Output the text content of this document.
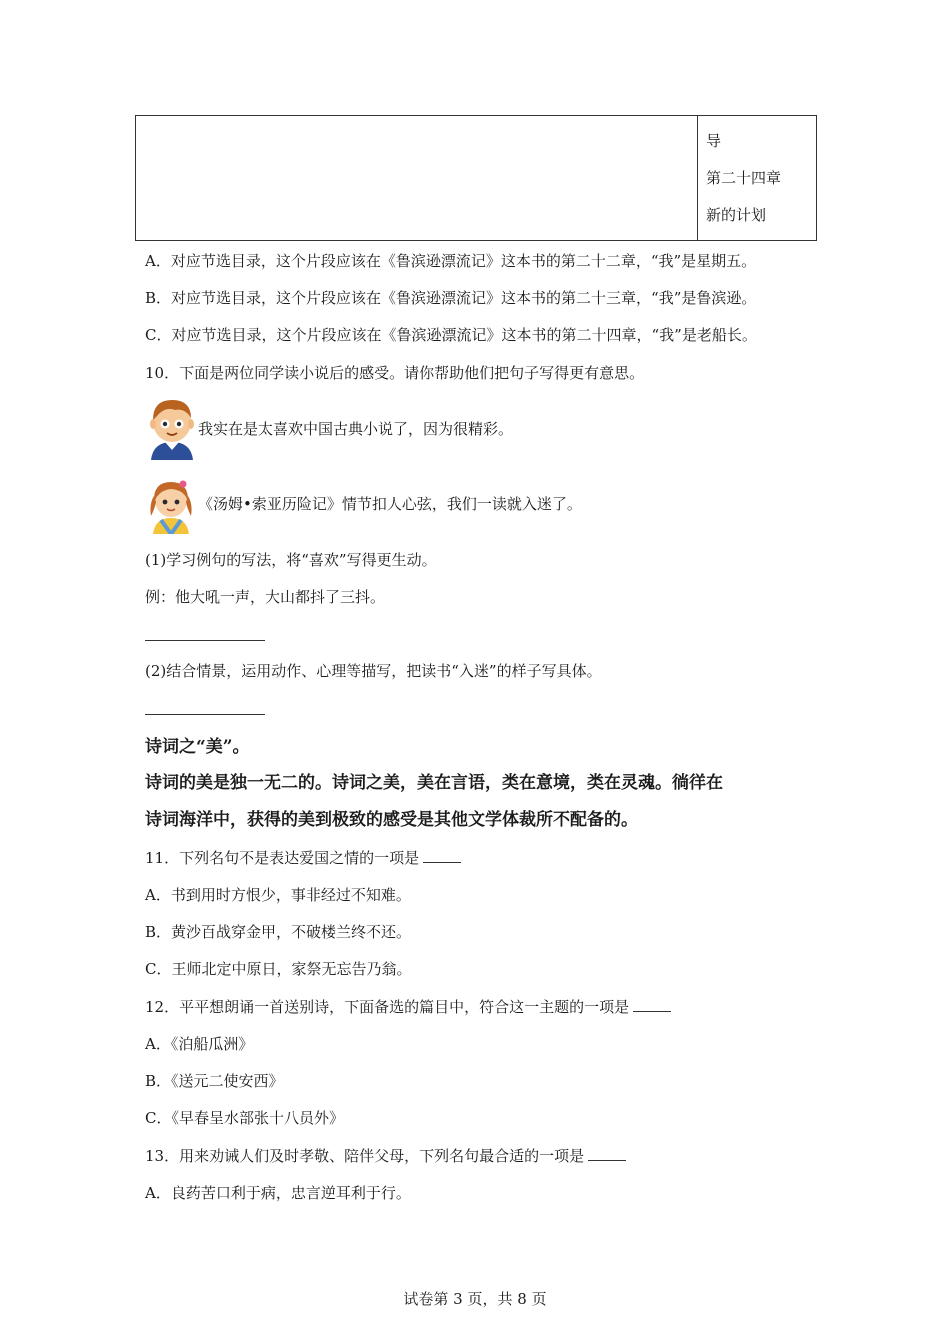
导
第二十四章
新的计划
A．对应节选目录，这个片段应该在《鲁滨逊漂流记》这本书的第二十二章，“我”是星期五。
B．对应节选目录，这个片段应该在《鲁滨逊漂流记》这本书的第二十三章，“我”是鲁滨逊。
C．对应节选目录，这个片段应该在《鲁滨逊漂流记》这本书的第二十四章，“我”是老船长。
10．下面是两位同学读小说后的感受。请你帮助他们把句子写得更有意思。
我实在是太喜欢中国古典小说了，因为很精彩。
《汤姆•索亚历险记》情节扣人心弦，我们一读就入迷了。
(1)学习例句的写法，将“喜欢”写得更生动。
例：他大吼一声，大山都抖了三抖。
(2)结合情景，运用动作、心理等描写，把读书“入迷”的样子写具体。
诗词之“美”。
诗词的美是独一无二的。诗词之美，美在言语，类在意境，类在灵魂。徜徉在
诗词海洋中，获得的美到极致的感受是其他文学体裁所不配备的。
11．下列名句不是表达爱国之情的一项是
A．书到用时方恨少，事非经过不知难。
B．黄沙百战穿金甲，不破楼兰终不还。
C．王师北定中原日，家祭无忘告乃翁。
12．平平想朗诵一首送别诗，下面备选的篇目中，符合这一主题的一项是
A．《泊船瓜洲》
B．《送元二使安西》
C．《早春呈水部张十八员外》
13．用来劝诫人们及时孝敬、陪伴父母，下列名句最合适的一项是
A．良药苦口利于病，忠言逆耳利于行。
试卷第 3 页，共 8 页
